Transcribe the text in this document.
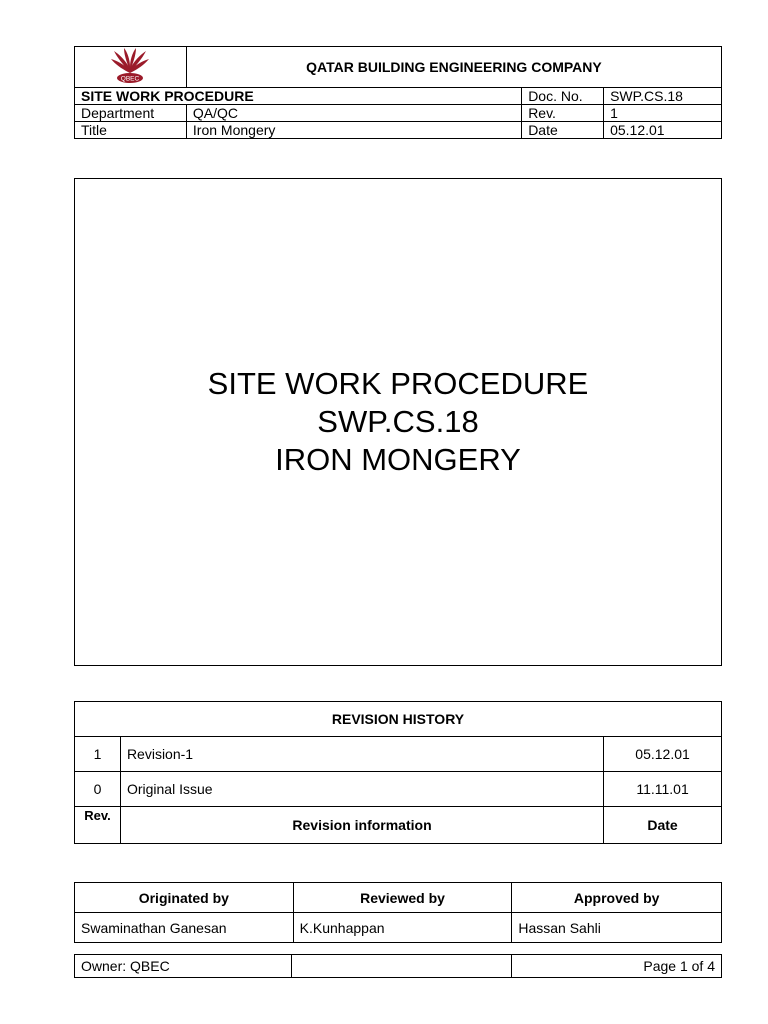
QBEC	QATAR BUILDING ENGINEERING COMPANY		
SITE WORK PROCEDURE		Doc. No.	SWP.CS.18
Department	QA/QC	Rev.	1
Title	Iron Mongery	Date	05.12.01
SITE WORK PROCEDURE
SWP.CS.18
IRON MONGERY
REVISION HISTORY		
1	Revision-1	05.12.01
0	Original Issue	11.11.01
Rev.	Revision information	Date
Originated by	Reviewed by	Approved by
Swaminathan Ganesan	K.Kunhappan	Hassan Sahli
Owner: QBEC		Page 1 of 4
